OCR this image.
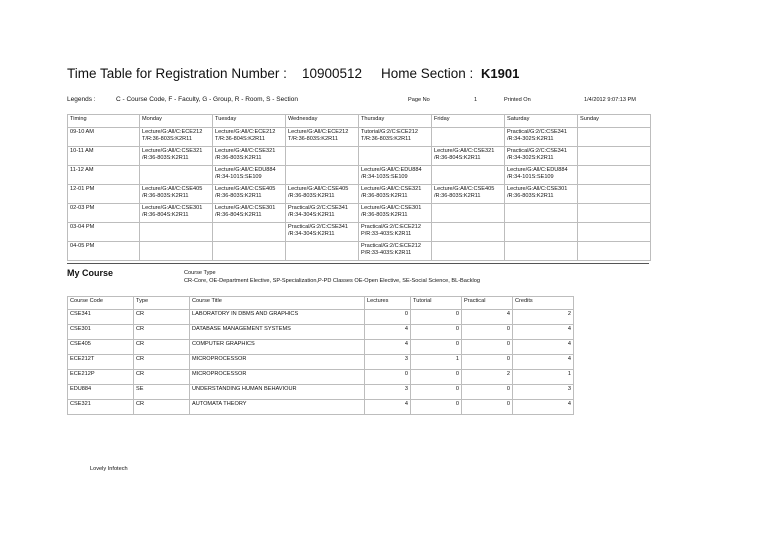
Time Table for Registration Number : 10900512 Home Section : K1901
Legends :	C - Course Code, F - Faculty, G - Group, R - Room, S - Section	Page No	1	Printed On	1/4/2012 9:07:13 PM
Timing	Monday	Tuesday	Wednesday	Thursday	Friday	Saturday	Sunday
09-10 AM	Lecture/G:All/C:ECE212 T/R:36-803S:K2R11	Lecture/G:All/C:ECE212 T/R:36-804S:K2R11	Lecture/G:All/C:ECE212 T/R:36-803S:K2R11	Tutorial/G:2/C:ECE212 T/R:36-803S:K2R11		Practical/G:2/C:CSE341 /R:34-302S:K2R11	
10-11 AM	Lecture/G:All/C:CSE321 /R:36-803S:K2R11	Lecture/G:All/C:CSE321 /R:36-803S:K2R11			Lecture/G:All/C:CSE321 /R:36-804S:K2R11	Practical/G:2/C:CSE341 /R:34-302S:K2R11	
11-12 AM		Lecture/G:All/C:EDU884 /R:34-101S:SE109		Lecture/G:All/C:EDU884 /R:34-103S:SE109		Lecture/G:All/C:EDU884 /R:34-101S:SE109	
12-01 PM	Lecture/G:All/C:CSE405 /R:36-803S:K2R11	Lecture/G:All/C:CSE405 /R:36-803S:K2R11	Lecture/G:All/C:CSE405 /R:36-803S:K2R11	Lecture/G:All/C:CSE321 /R:36-803S:K2R11	Lecture/G:All/C:CSE405 /R:36-803S:K2R11	Lecture/G:All/C:CSE301 /R:36-803S:K2R11	
02-03 PM	Lecture/G:All/C:CSE301 /R:36-804S:K2R11	Lecture/G:All/C:CSE301 /R:36-804S:K2R11	Practical/G:2/C:CSE341 /R:34-304S:K2R11	Lecture/G:All/C:CSE301 /R:36-803S:K2R11			
03-04 PM			Practical/G:2/C:CSE341 /R:34-304S:K2R11	Practical/G:2/C:ECE212 P/R:33-403S:K2R11			
04-05 PM				Practical/G:2/C:ECE212 P/R:33-403S:K2R11			
My Course	Course Type
CR-Core, OE-Department Elective, SP-Specialization,P-PD Classes OE-Open Elective, SE-Social Science, BL-Backlog
Course Code	Type	Course Title	Lectures	Tutorial	Practical	Credits
CSE341	CR	LABORATORY IN DBMS AND GRAPHICS	0	0	4	2
CSE301	CR	DATABASE MANAGEMENT SYSTEMS	4	0	0	4
CSE405	CR	COMPUTER GRAPHICS	4	0	0	4
ECE212T	CR	MICROPROCESSOR	3	1	0	4
ECE212P	CR	MICROPROCESSOR	0	0	2	1
EDU884	SE	UNDERSTANDING HUMAN BEHAVIOUR	3	0	0	3
CSE321	CR	AUTOMATA THEORY	4	0	0	4
Lovely Infotech
